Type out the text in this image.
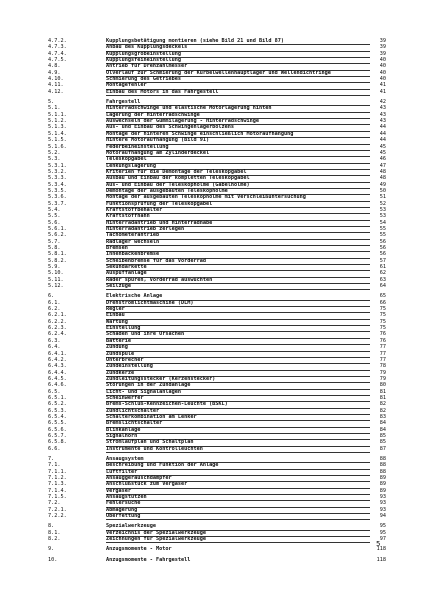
4.7.2.	Kupplungsbetätigung montieren (siehe Bild 21 und Bild 87)	39
4.7.3.	Anbau des Kupplungsdeckels	39
4.7.4.	Kupplungsgrobeinstellung	39
4.7.5.	Kupplungsfeineinstellung	40
4.8.	Antrieb für Drehzahlmesser	40
4.9.	Ölverlauf zur Schmierung der Kurbelwellenhauptlager und Wellendichtringe	40
4.10.	Schmierung des Getriebes	40
4.11.	Montagefehler	41
4.12.	Einbau des Motors in das Fahrgestell	41
5.	Fahrgestell	42
5.1.	Hinterradschwinge und elastische Motorlagerung hinten	43
5.1.1.	Lagerung der Hinterradschwinge	43
5.1.2.	Auswechseln der Gummilagerung - Hinterradschwinge	43
5.1.3.	Aus- und Einbau des Schwingenlagerbolzens	44
5.1.4.	Montage der hinteren Schwinge einschließlich Motoraufhängung	44
5.1.5.	Hintere Motoraufhängung (Bild 91)	44
5.1.6.	Federbeineinstellung	45
5.2.	Motoraufhängung am Zylinderdeckel	45
5.3.	Teleskopgabel	46
5.3.1.	Lenkungslagerung	47
5.3.2.	Kriterien für die Demontage der Teleskopgabel	48
5.3.3.	Ausbau und Einbau der kompletten Teleskopgabel	48
5.3.4.	Aus- und Einbau der Teleskopholme (Gabelholme)	49
5.3.5.	Demontage der ausgebauten Teleskopholme	50
5.3.6.	Montage der ausgebauten Teleskopholme mit Verschleißuntersuchung	51
5.3.7.	Funktionsprüfung der Teleskopgabel	52
5.4.	Kraftstoffbehälter	53
5.5.	Kraftstoffhahn	53
5.6.	Hinterradantrieb und Hinterradnabe	54
5.6.1.	Hinterradantrieb zerlegen	55
5.6.2.	Tachometerantrieb	55
5.7.	Radlager wechseln	56
5.8.	Bremsen	56
5.8.1.	Innenbackenbremse	56
5.8.2.	Scheibenbremse für das Vorderrad	57
5.9.	Sekundärkette	61
5.10.	Auspuffanlage	62
5.11.	Räder spuren, Vorderrad auswuchten	63
5.12.	Seilzüge	64
6.	Elektrische Anlage	65
6.1.	Drehstromlichtmaschine (DLM)	66
6.2.	Regler	75
6.2.1.	Einbau	75
6.2.2.	Wartung	75
6.2.3.	Einstellung	75
6.2.4.	Schäden und ihre Ursachen	76
6.3.	Batterie	76
6.4.	Zündung	77
6.4.1.	Zündspule	77
6.4.2.	Unterbrecher	77
6.4.3.	Zündeinstellung	78
6.4.4.	Zündkerze	79
6.4.5.	Zündleitungsstecker (Kerzenstecker)	79
6.4.6.	Störungen in der Zündanlage	80
6.5.	Licht- und Signalanlagen	81
6.5.1.	Scheinwerfer	81
6.5.2.	Brems-Schluß-Kennzeichen-Leuchte (BSKL)	82
6.5.3.	Zündlichtschalter	82
6.5.4.	Schalterkombination am Lenker	83
6.5.5.	Bremslichtschalter	84
6.5.6.	Blinkanlage	84
6.5.7.	Signalhorn	85
6.5.8.	Stromlaufplan und Schaltplan	85
6.6.	Instrumente und Kontrolleuchten	87
7.	Ansaugsystem	88
7.1.	Beschreibung und Funktion der Anlage	88
7.1.1.	Luftfilter	88
7.1.2.	Ansauggeräuschdämpfer	89
7.1.3.	Anschlußstück zum Vergaser	89
7.1.4.	Vergaser	89
7.1.5.	Ansaugstutzen	93
7.2.	Fehlersuche	93
7.2.1.	Abmagerung	93
7.2.2.	Überfettung	94
8.	Spezialwerkzeuge	95
8.1.	Verzeichnis der Spezialwerkzeuge	95
8.2.	Zeichnungen für Spezialwerkzeuge	97
9.	Anzugsmomente - Motor	118
10.	Anzugsmomente - Fahrgestell	118
5
